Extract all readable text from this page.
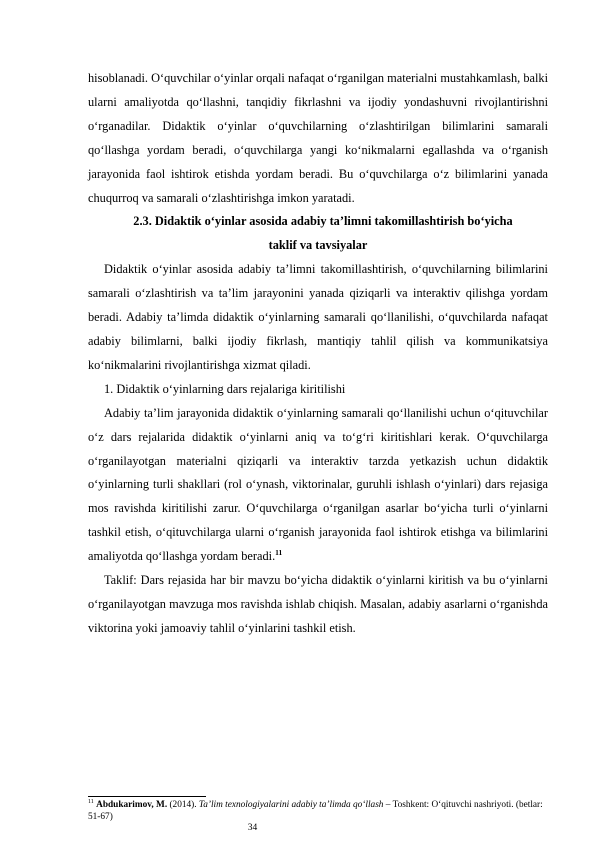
hisoblanadi. O‘quvchilar o‘yinlar orqali nafaqat o‘rganilgan materialni mustahkamlash, balki ularni amaliyotda qo‘llashni, tanqidiy fikrlashni va ijodiy yondashuvni rivojlantirishni o‘rganadilar. Didaktik o‘yinlar o‘quvchilarning o‘zlashtirilgan bilimlarini samarali qo‘llashga yordam beradi, o‘quvchilarga yangi ko‘nikmalarni egallashda va o‘rganish jarayonida faol ishtirok etishda yordam beradi. Bu o‘quvchilarga o‘z bilimlarini yanada chuqurroq va samarali o‘zlashtirishga imkon yaratadi.

2.3. Didaktik o‘yinlar asosida adabiy ta’limni takomillashtirish bo‘yicha
taklif va tavsiyalar

Didaktik o‘yinlar asosida adabiy ta’limni takomillashtirish, o‘quvchilarning bilimlarini samarali o‘zlashtirish va ta’lim jarayonini yanada qiziqarli va interaktiv qilishga yordam beradi. Adabiy ta’limda didaktik o‘yinlarning samarali qo‘llanilishi, o‘quvchilarda nafaqat adabiy bilimlarni, balki ijodiy fikrlash, mantiqiy tahlil qilish va kommunikatsiya ko‘nikmalarini rivojlantirishga xizmat qiladi.

1. Didaktik o‘yinlarning dars rejalariga kiritilishi

Adabiy ta’lim jarayonida didaktik o‘yinlarning samarali qo‘llanilishi uchun o‘qituvchilar o‘z dars rejalarida didaktik o‘yinlarni aniq va to‘g‘ri kiritishlari kerak. O‘quvchilarga o‘rganilayotgan materialni qiziqarli va interaktiv tarzda yetkazish uchun didaktik o‘yinlarning turli shakllari (rol o‘ynash, viktorinalar, guruhli ishlash o‘yinlari) dars rejasiga mos ravishda kiritilishi zarur. O‘quvchilarga o‘rganilgan asarlar bo‘yicha turli o‘yinlarni tashkil etish, o‘qituvchilarga ularni o‘rganish jarayonida faol ishtirok etishga va bilimlarini amaliyotda qo‘llashga yordam beradi.$^{11}$

Taklif: Dars rejasida har bir mavzu bo‘yicha didaktik o‘yinlarni kiritish va bu o‘yinlarni o‘rganilayotgan mavzuga mos ravishda ishlab chiqish. Masalan, adabiy asarlarni o‘rganishda viktorina yoki jamoaviy tahlil o‘yinlarini tashkil etish.

$^{11}$ Abdukarimov, M. (2014). Ta’lim texnologiyalarini adabiy ta’limda qo‘llash – Toshkent: O‘qituvchi nashriyoti. (betlar: 51-67)
34
